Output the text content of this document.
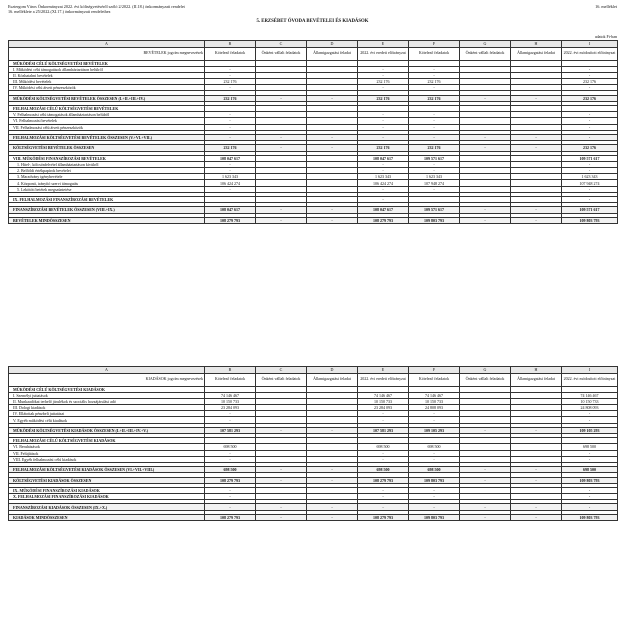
Esztergom Város Önkormányzat 2022. évi költségvetéséről szóló 2/2022. (II.18.) önkormányzati rendelet
16. melléklete a 25/2022.(XI.17.) önkormányzati rendelethez
16. melléklet
5. ERZSÉBET ÓVODA BEVÉTELEI ÉS KIADÁSOK
adatok Ft-ban
A	B	C	D	E	F	G	H	I
BEVÉTELEK jogcím megnevezések	Kötelező feladatok	Önként vállalt feladatok	Államigazgatási feladat	2022. évi eredeti előirányzat	Kötelező feladatok	Önként vállalt feladatok	Államigazgatási feladat	2022. évi módosított előirányzat
MŰKÖDÉSI CÉLÚ KÖLTSÉGVETÉSI BEVÉTELEK								
I. Működési célú támogatások államháztartáson belülről	-			-	-			-
II. Közhatalmi bevételek	-			-	-			-
III. Működési bevételek	232 176			232 176	232 176			232 176
IV. Működési célú átvett pénzeszközök	-			-	-			-

MŰKÖDÉSI KÖLTSÉGVETÉSI BEVÉTELEK ÖSSZESEN (I.+II.+III.+IV.)	232 176	-	-	232 176	232 176	-	-	232 176

FELHALMOZÁSI CÉLÚ KÖLTSÉGVETÉSI BEVÉTELEK								
V. Felhalmozási célú támogatások államháztartáson belülről	-			-	-			-
VI. Felhalmozási bevételek	-			-	-			-
VII. Felhalmozási célú átvett pénzeszközök	-			-	-			-

FELHALMOZÁSI KÖLTSÉGVETÉSI BEVÉTELEK ÖSSZESEN (V.+VI.+VII.)	-	-	-	-	-	-	-	-

KÖLTSÉGVETÉSI BEVÉTELEK ÖSSZESEN	232 176	-	-	232 176	232 176	-	-	232 176

VIII. MŰKÖDÉSI FINANSZÍROZÁSI BEVÉTELEK	108 047 617			108 047 617	109 571 617			109 571 617
1. Hitel-, kölcsönfelvétel államháztartáson kívülről	-			-	-			-
2. Belföldi értékpapírok bevételei	-			-	-			-
3. Maradvány igénybevétele	1 623 343			1 623 343	1 623 343			1 623 343
4. Központi, irányító szervi támogatás	106 424 274			106 424 274	107 948 274			107 948 274
5. Lekötött betétek megszüntetése	-			-	-			-

IX. FELHALMOZÁSI FINANSZÍROZÁSI BEVÉTELEK				-				-

FINANSZÍROZÁSI BEVÉTELEK ÖSSZESEN (VIII.+IX.)	108 047 617	-	-	108 047 617	109 571 617	-	-	109 571 617

BEVÉTELEK MINDÖSSZESEN	108 279 793	-	-	108 279 793	109 803 793	-	-	109 803 793
A	B	C	D	E	F	G	H	I
KIADÁSOK jogcím megnevezések	Kötelező feladatok	Önként vállalt feladatok	Államigazgatási feladat	2022. évi eredeti előirányzat	Kötelező feladatok	Önként vállalt feladatok	Államigazgatási feladat	2022. évi módosított előirányzat
MŰKÖDÉSI CÉLÚ KÖLTSÉGVETÉSI KIADÁSOK								
I. Személyi juttatások	74 146 467			74 146 467	74 146 467			74 146 467
II. Munkaadókat terhelő járulékok és szociális hozzájárulási adó	10 150 733			10 150 733	10 150 733			10 150 733
III. Dologi kiadások	23 284 093			23 284 093	24 808 093			24 808 093
IV. Ellátottak pénzbeli juttatásai	-			-	-			-
V. Egyéb működési célú kiadások	-			-	-			-

MŰKÖDÉSI KÖLTSÉGVETÉSI KIADÁSOK ÖSSZESEN (I.+II.+III.+IV.+V.)	107 581 293	-	-	107 581 293	109 105 293	-	-	109 105 293

FELHALMOZÁSI CÉLÚ KÖLTSÉGVETÉSI KIADÁSOK								
VI. Beruházások	698 500			698 500	698 500			698 500
VII. Felújítások	-			-	-			-
VIII. Egyéb felhalmozási célú kiadások	-			-	-			-

FELHALMOZÁSI KÖLTSÉGVETÉSI KIADÁSOK ÖSSZESEN (VI.+VII.+VIII.)	698 500	-	-	698 500	698 500	-	-	698 500

KÖLTSÉGVETÉSI KIADÁSOK ÖSSZESEN	108 279 793	-	-	108 279 793	109 803 793	-	-	109 803 793

IX. MŰKÖDÉSI FINANSZÍROZÁSI KIADÁSOK	-			-	-			-
X. FELHALMOZÁSI FINANSZÍROZÁSI KIADÁSOK	-			-	-			-

FINANSZÍROZÁSI KIADÁSOK ÖSSZESEN (IX.+X.)	-	-	-	-	-	-	-	-

KIADÁSOK MINDÖSSZESEN	108 279 793	-	-	108 279 793	109 803 793	-	-	109 803 793
